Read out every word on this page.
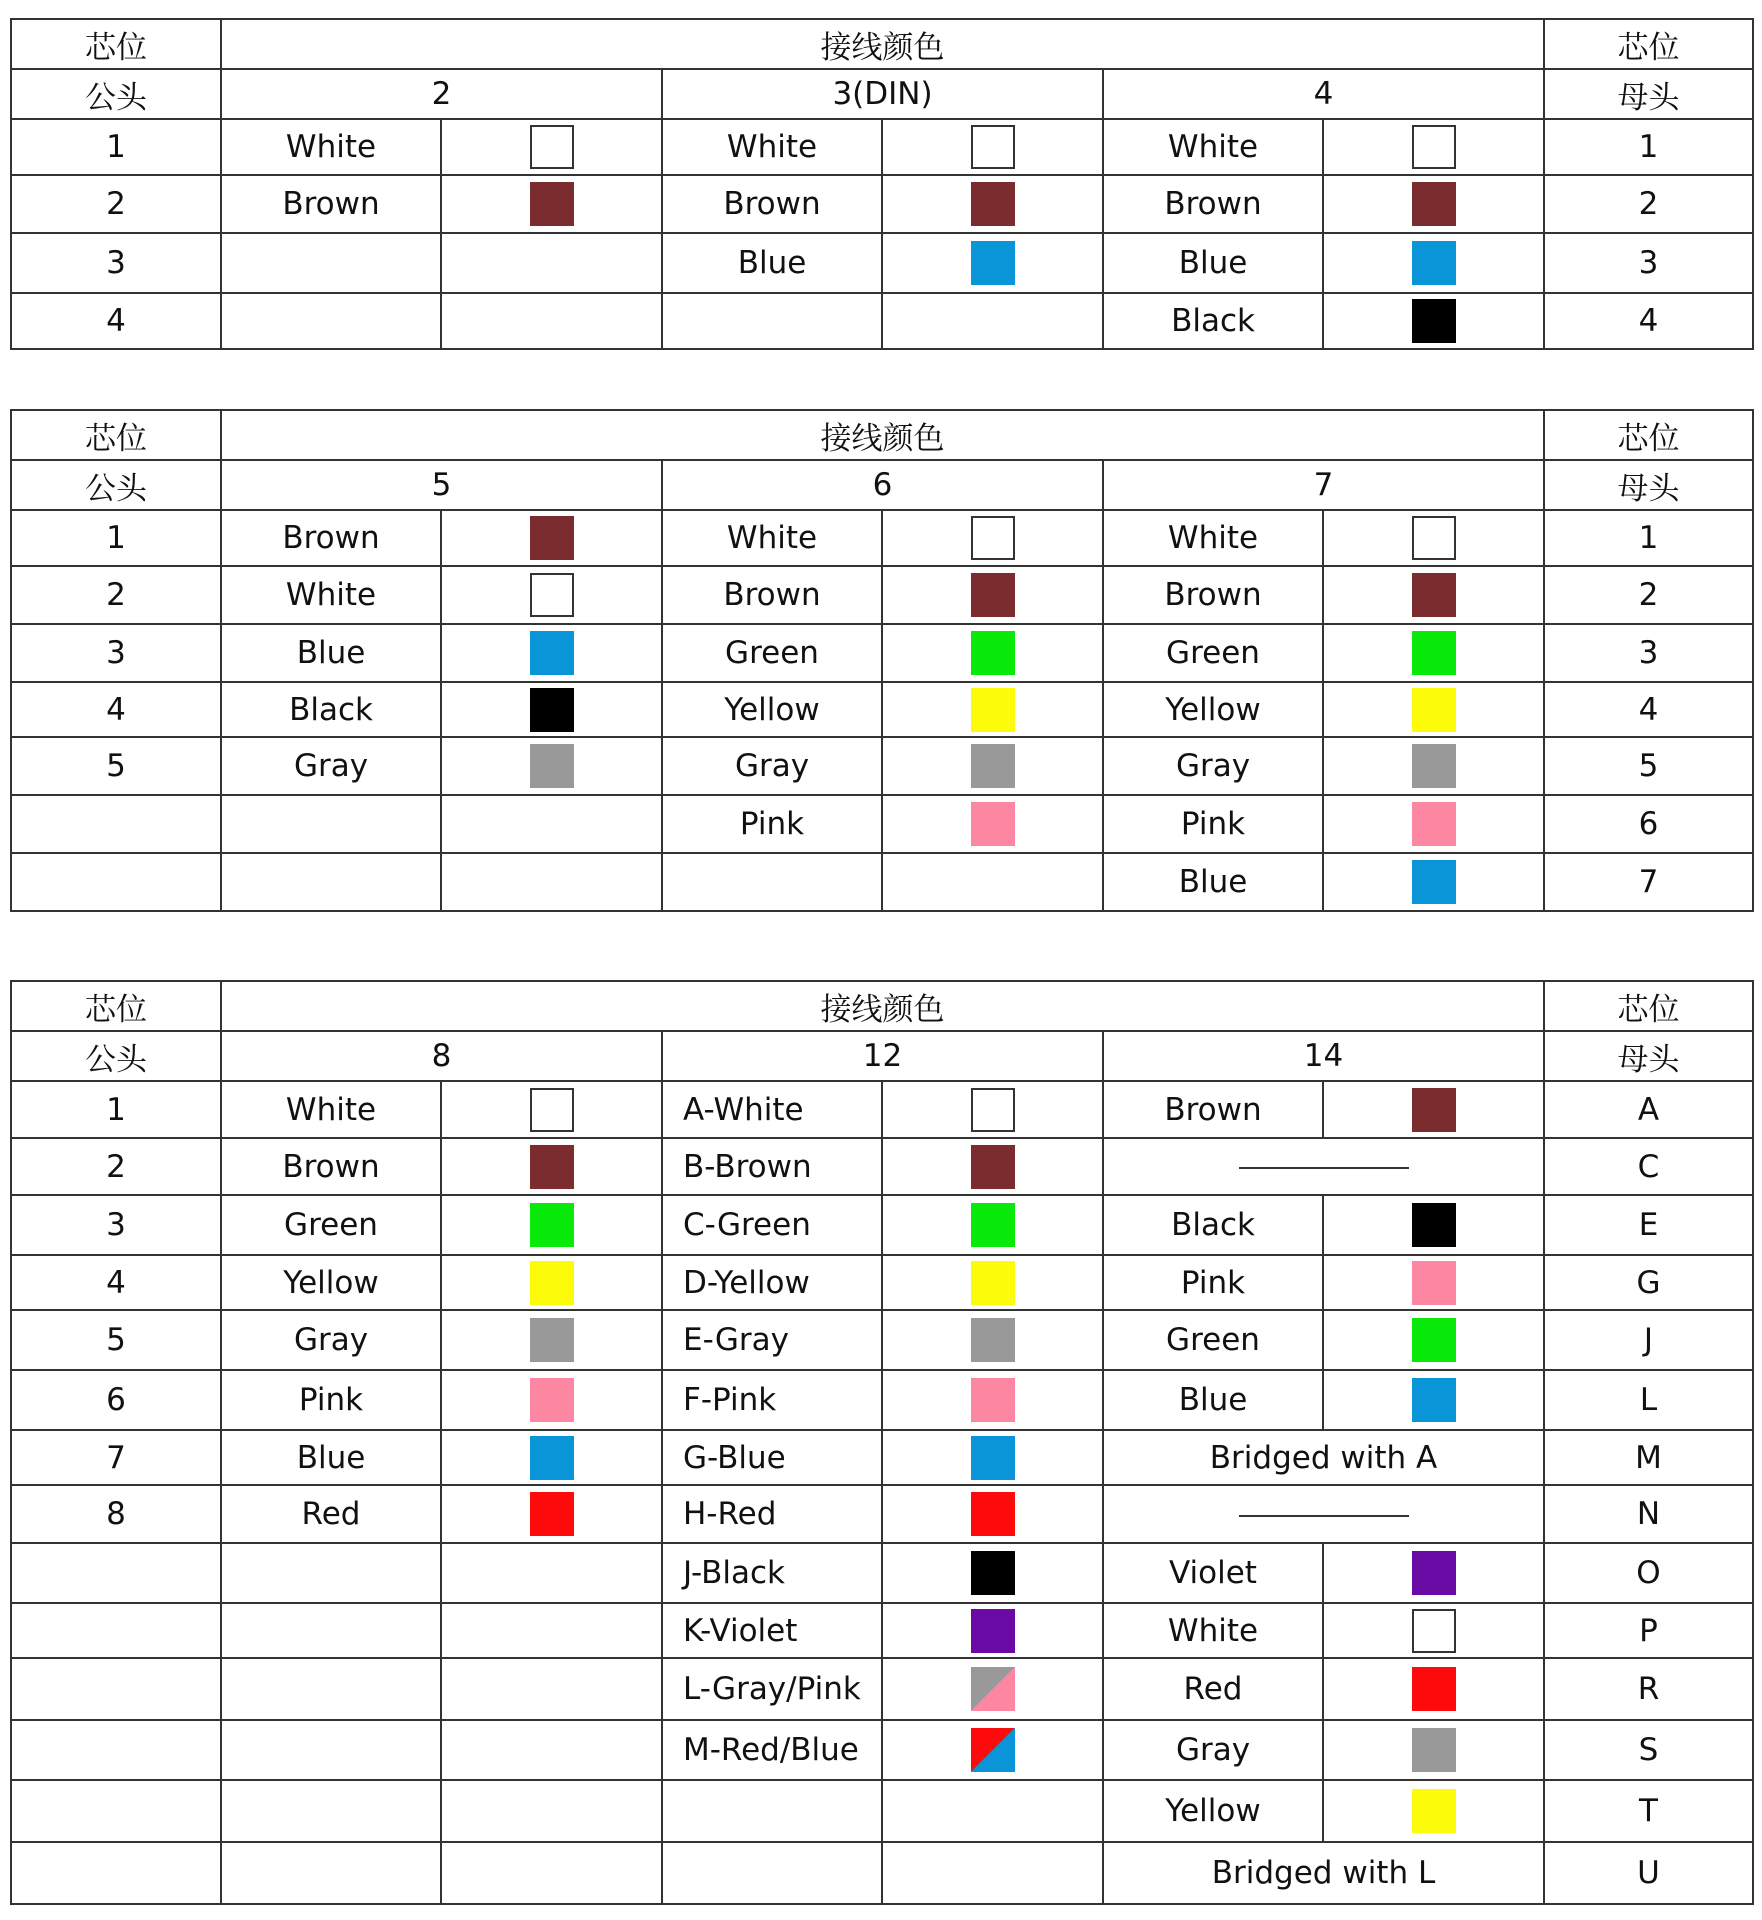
芯位	接线颜色						芯位
公头	2		3(DIN)		4		母头
1	White		White		White		1
2	Brown		Brown		Brown		2
3			Blue		Blue		3
4					Black		4
芯位	接线颜色						芯位
公头	5		6		7		母头
1	Brown		White		White		1
2	White		Brown		Brown		2
3	Blue		Green		Green		3
4	Black		Yellow		Yellow		4
5	Gray		Gray		Gray		5
			Pink		Pink		6
					Blue		7
芯位	接线颜色						芯位
公头	8		12		14		母头
1	White		A-White		Brown		A
2	Brown		B-Brown				C
3	Green		C-Green		Black		E
4	Yellow		D-Yellow		Pink		G
5	Gray		E-Gray		Green		J
6	Pink		F-Pink		Blue		L
7	Blue		G-Blue		Bridged with A		M
8	Red		H-Red				N
			J-Black		Violet		O
			K-Violet		White		P
			L-Gray/Pink		Red		R
			M-Red/Blue		Gray		S
					Yellow		T
					Bridged with L		U
